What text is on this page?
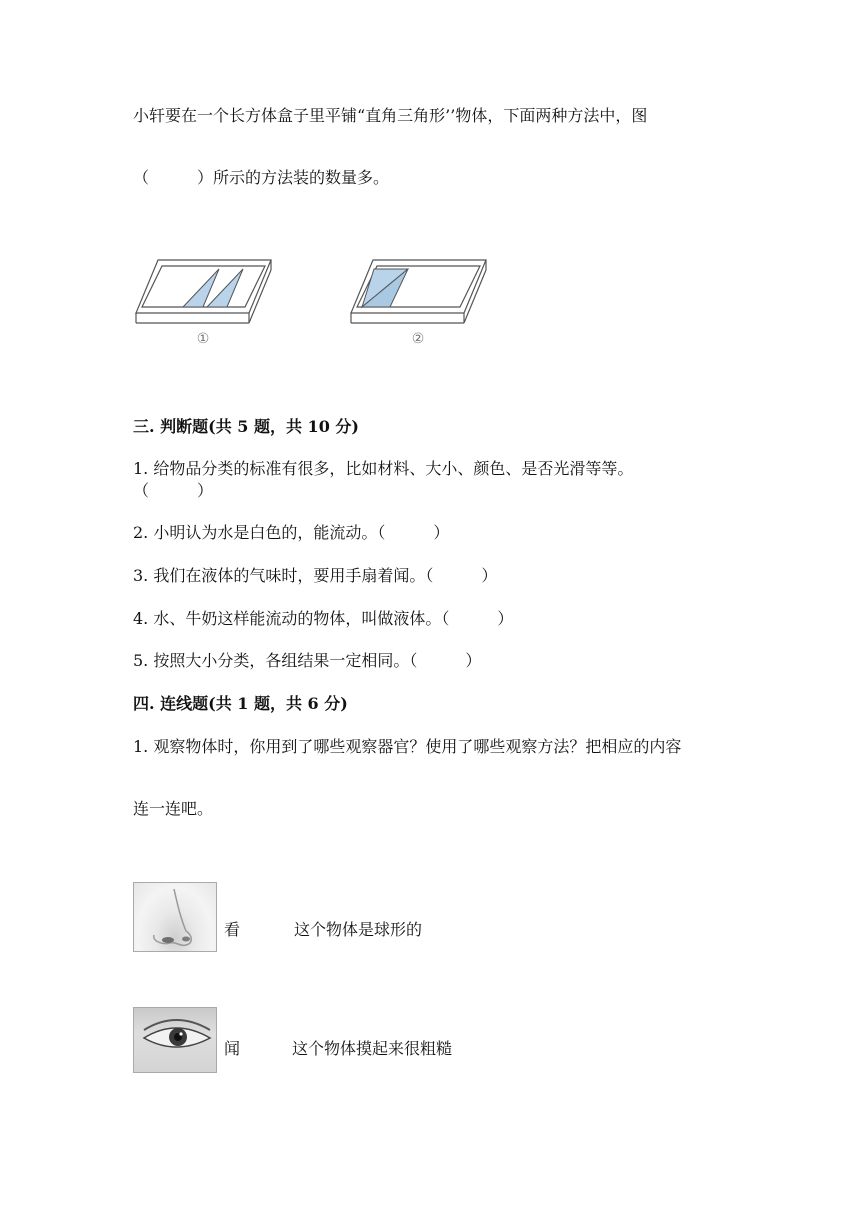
小轩要在一个长方体盒子里平铺“直角三角形’’物体，下面两种方法中，图
（　　　）所示的方法装的数量多。
①	②
三. 判断题(共 5 题，共 10 分)
1. 给物品分类的标准有很多，比如材料、大小、颜色、是否光滑等等。
（　　　）
2. 小明认为水是白色的，能流动。（　　　）
3. 我们在液体的气味时，要用手扇着闻。（　　　）
4. 水、牛奶这样能流动的物体，叫做液体。（　　　）
5. 按照大小分类，各组结果一定相同。（　　　）
四. 连线题(共 1 题，共 6 分)
1. 观察物体时，你用到了哪些观察器官？使用了哪些观察方法？把相应的内容
连一连吧。
看	这个物体是球形的
闻	这个物体摸起来很粗糙
